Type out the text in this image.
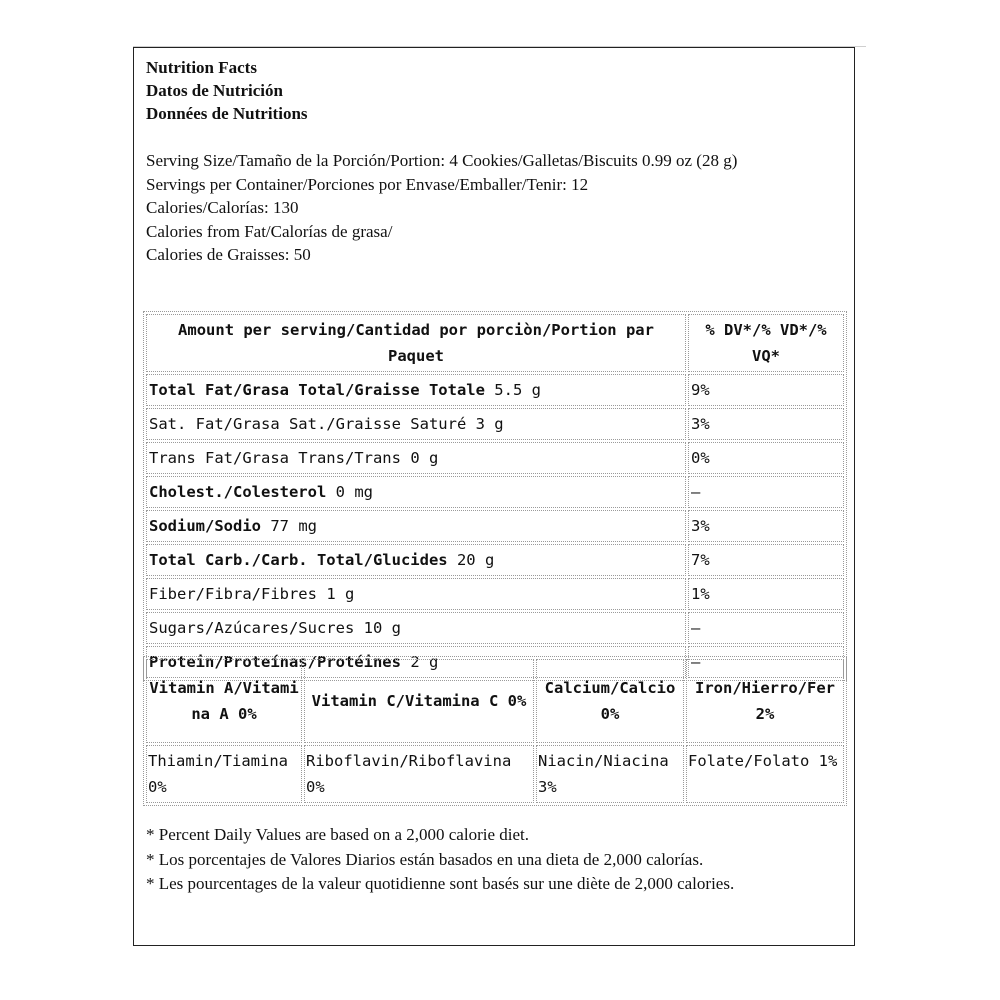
Nutrition Facts
Datos de Nutrición
Données de Nutritions
Serving Size/Tamaño de la Porción/Portion: 4 Cookies/Galletas/Biscuits 0.99 oz (28 g)
Servings per Container/Porciones por Envase/Emballer/Tenir: 12
Calories/Calorías: 130
Calories from Fat/Calorías de grasa/
Calories de Graisses: 50
Amount per serving/Cantidad por porciòn/Portion par Paquet	% DV*/% VD*/% VQ*
Total Fat/Grasa Total/Graisse Totale 5.5 g	9%
Sat. Fat/Grasa Sat./Graisse Saturé 3 g	3%
Trans Fat/Grasa Trans/Trans 0 g	0%
Cholest./Colesterol 0 mg	—
Sodium/Sodio 77 mg	3%
Total Carb./Carb. Total/Glucides 20 g	7%
Fiber/Fibra/Fibres 1 g	1%
Sugars/Azúcares/Sucres 10 g	—
Protein/Proteínas/Protéines 2 g	—
Vitamin A/Vitamina A 0%	Vitamin C/Vitamina C 0%	Calcium/Calcio 0%	Iron/Hierro/Fer 2%
Thiamin/Tiamina 0%	Riboflavin/Riboflavina 0%	Niacin/Niacina 3%	Folate/Folato 1%
* Percent Daily Values are based on a 2,000 calorie diet.
* Los porcentajes de Valores Diarios están basados en una dieta de 2,000 calorías.
* Les pourcentages de la valeur quotidienne sont basés sur une diète de 2,000 calories.
